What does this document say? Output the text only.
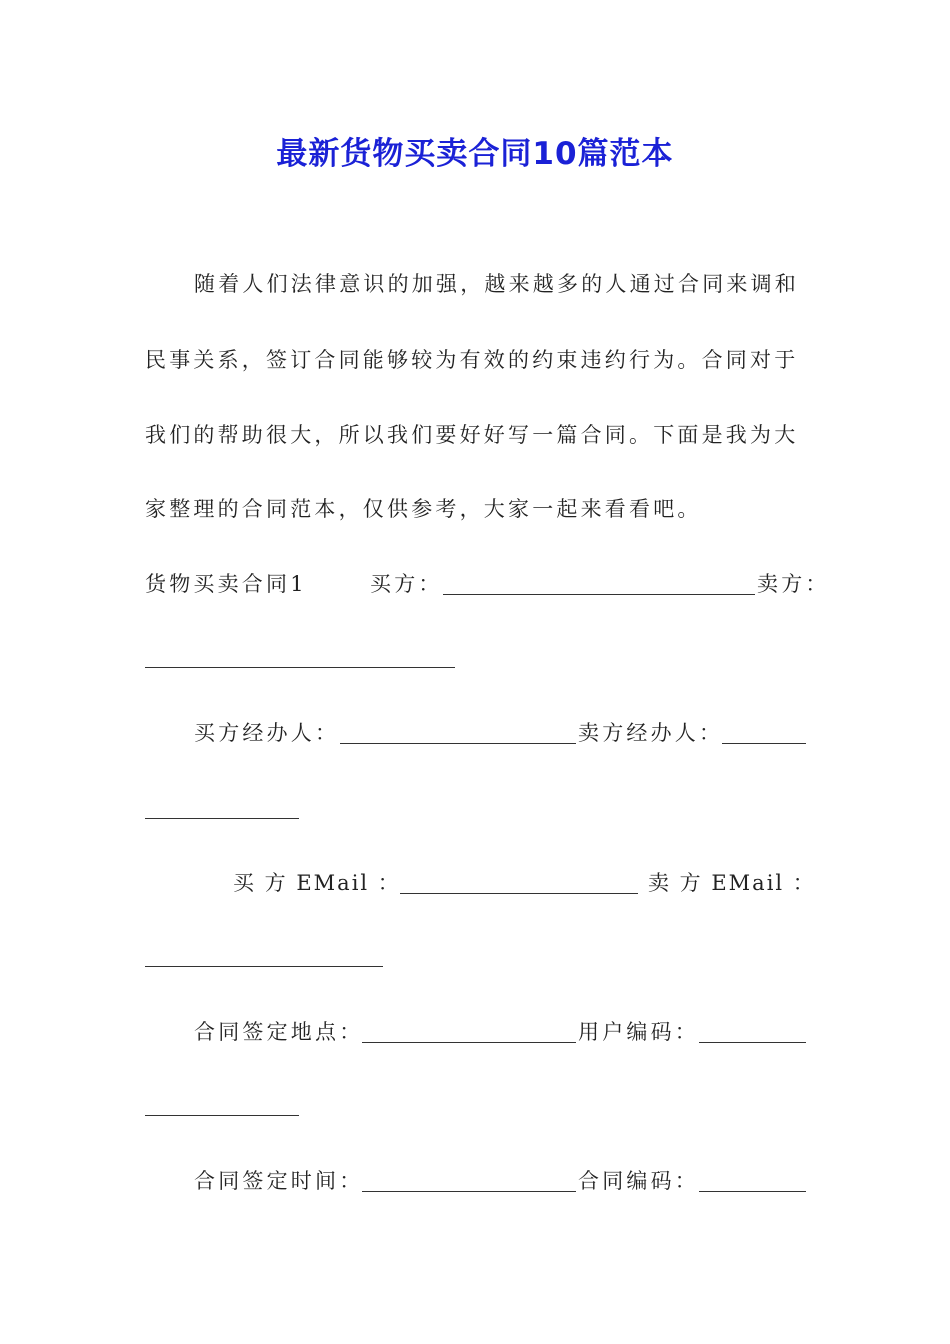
最新货物买卖合同10篇范本
随着人们法律意识的加强，越来越多的人通过合同来调和
民事关系，签订合同能够较为有效的约束违约行为。合同对于
我们的帮助很大，所以我们要好好写一篇合同。下面是我为大
家整理的合同范本，仅供参考，大家一起来看看吧。
货物买卖合同1	买方：	卖方：
买方经办人：	卖方经办人：
买 方 EMail ：	卖 方 EMail ：
合同签定地点：	用户编码：
合同签定时间：	合同编码：
